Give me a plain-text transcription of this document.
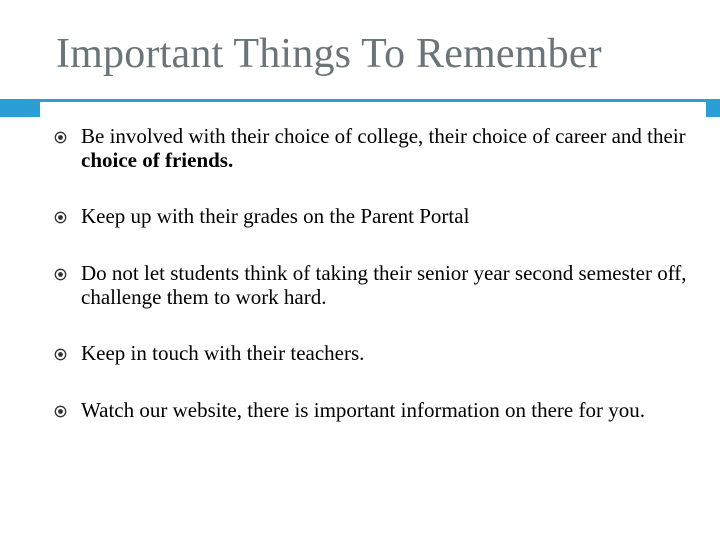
Important Things To Remember
Be involved with their choice of college, their choice of career and their choice of friends.
Keep up with their grades on the Parent Portal
Do not let students think of taking their senior year second semester off, challenge them to work hard.
Keep in touch with their teachers.
Watch our website, there is important information on there for you.
